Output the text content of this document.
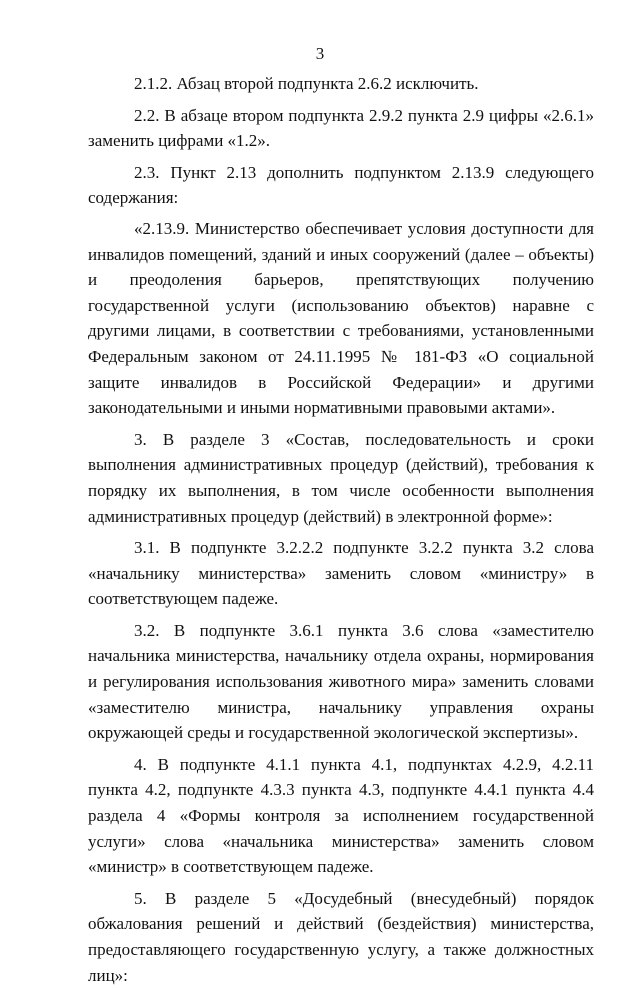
3

2.1.2. Абзац второй подпункта 2.6.2 исключить.

2.2. В абзаце втором подпункта 2.9.2 пункта 2.9 цифры «2.6.1» заменить цифрами «1.2».

2.3. Пункт 2.13 дополнить подпунктом 2.13.9 следующего содержания:

«2.13.9. Министерство обеспечивает условия доступности для инвалидов помещений, зданий и иных сооружений (далее – объекты) и преодоления барьеров, препятствующих получению государственной услуги (использованию объектов) наравне с другими лицами, в соответствии с требованиями, установленными Федеральным законом от 24.11.1995 № 181-ФЗ «О социальной защите инвалидов в Российской Федерации» и другими законодательными и иными нормативными правовыми актами».

3. В разделе 3 «Состав, последовательность и сроки выполнения административных процедур (действий), требования к порядку их выполнения, в том числе особенности выполнения административных процедур (действий) в электронной форме»:

3.1. В подпункте 3.2.2.2 подпункте 3.2.2 пункта 3.2 слова «начальнику министерства» заменить словом «министру» в соответствующем падеже.

3.2. В подпункте 3.6.1 пункта 3.6 слова «заместителю начальника министерства, начальнику отдела охраны, нормирования и регулирования использования животного мира» заменить словами «заместителю министра, начальнику управления охраны окружающей среды и государственной экологической экспертизы».

4. В подпункте 4.1.1 пункта 4.1, подпунктах 4.2.9, 4.2.11 пункта 4.2, подпункте 4.3.3 пункта 4.3, подпункте 4.4.1 пункта 4.4 раздела 4 «Формы контроля за исполнением государственной услуги» слова «начальника министерства» заменить словом «министр» в соответствующем падеже.

5. В разделе 5 «Досудебный (внесудебный) порядок обжалования решений и действий (бездействия) министерства, предоставляющего государственную услугу, а также должностных лиц»:
